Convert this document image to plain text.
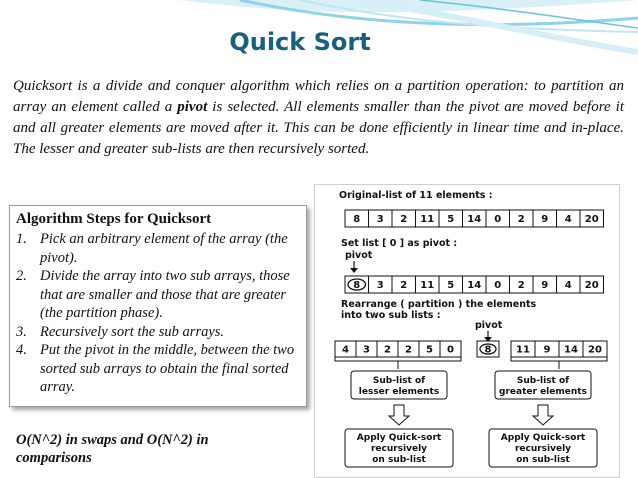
Quick Sort
Quicksort is a divide and conquer algorithm which relies on a partition operation: to partition an array an element called a pivot is selected. All elements smaller than the pivot are moved before it and all greater elements are moved after it. This can be done efficiently in linear time and in-place. The lesser and greater sub-lists are then recursively sorted.
Algorithm Steps for Quicksort
1. Pick an arbitrary element of the array (the pivot).
2. Divide the array into two sub arrays, those that are smaller and those that are greater (the partition phase).
3. Recursively sort the sub arrays.
4. Put the pivot in the middle, between the two sorted sub arrays to obtain the final sorted array.
O(N^2) in swaps and O(N^2) in comparisons
Original-list of 11 elements :
8 3 2 11 5 14 0 2 9 4 20
Set list [ 0 ] as pivot :
pivot
8 3 2 11 5 14 0 2 9 4 20
Rearrange ( partition ) the elements
into two sub lists :
pivot
4 3 2 2 5 0	8 11 9 14 20
Sub-list of
lesser elements
Sub-list of
greater elements
Apply Quick-sort
recursively
on sub-list
Apply Quick-sort
recursively
on sub-list
